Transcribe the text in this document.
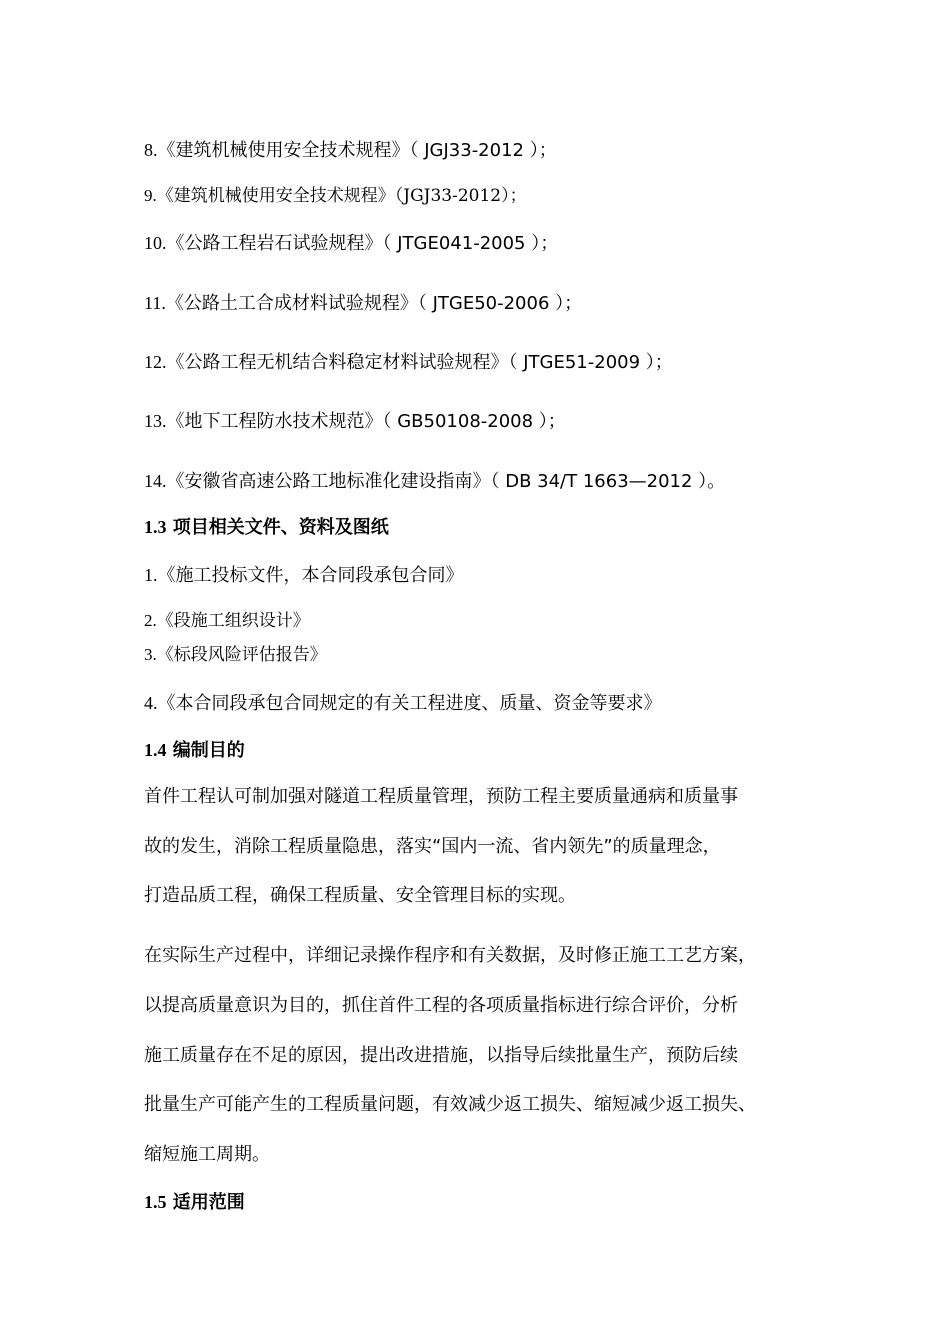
8.《建筑机械使用安全技术规程》（ JGJ33-2012 ）；
9.《建筑机械使用安全技术规程》（JGJ33-2012）；
10.《公路工程岩石试验规程》（ JTGE041-2005 ）；
11.《公路土工合成材料试验规程》（ JTGE50-2006 ）；
12.《公路工程无机结合料稳定材料试验规程》（ JTGE51-2009 ）；
13.《地下工程防水技术规范》（ GB50108-2008 ）；
14.《安徽省高速公路工地标准化建设指南》（ DB 34/T 1663—2012 ）。
1.3 项目相关文件、资料及图纸
1.《施工投标文件，本合同段承包合同》
2.《段施工组织设计》
3.《标段风险评估报告》
4.《本合同段承包合同规定的有关工程进度、质量、资金等要求》
1.4 编制目的
首件工程认可制加强对隧道工程质量管理，预防工程主要质量通病和质量事
故的发生，消除工程质量隐患，落实“国内一流、省内领先”的质量理念，
打造品质工程，确保工程质量、安全管理目标的实现。
在实际生产过程中，详细记录操作程序和有关数据，及时修正施工工艺方案，
以提高质量意识为目的，抓住首件工程的各项质量指标进行综合评价，分析
施工质量存在不足的原因，提出改进措施，以指导后续批量生产，预防后续
批量生产可能产生的工程质量问题，有效减少返工损失、缩短减少返工损失、
缩短施工周期。
1.5 适用范围
